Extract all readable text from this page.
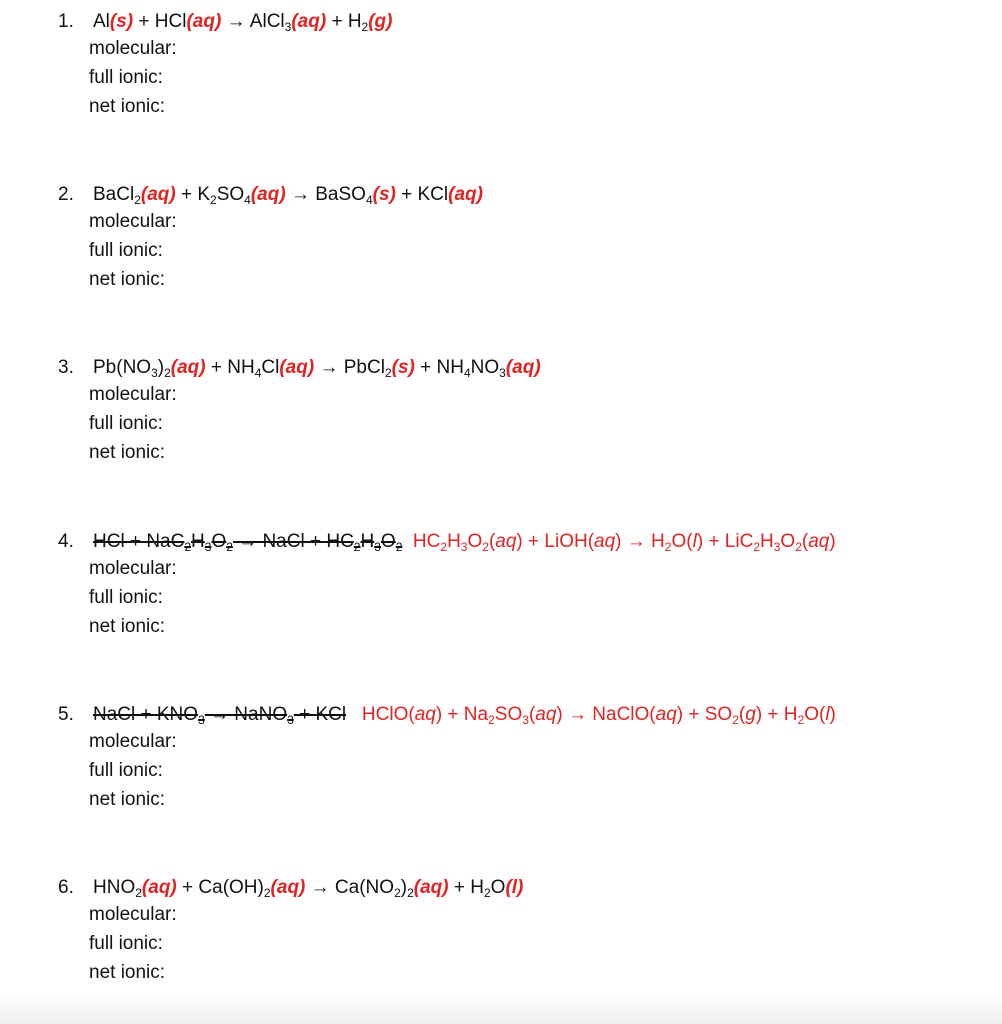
1. Al(s) + HCl(aq) → AlCl$_3$(aq) + $H_2(g)$
molecular:
full ionic:
net ionic:
2. BaCl$_2$(aq) + $K_2SO_4(aq)$ → BaSO$_4$(s) + KCl(aq)
molecular:
full ionic:
net ionic:
3. $Pb(NO_3)_2(aq) + NH_4Cl(aq)$ → PbCl$_2$(s) + $NH_4NO_3(aq)$
molecular:
full ionic:
net ionic:
4. HCl + $NaC_2H_3O_2$ → NaCl + $HC_2H_3O_2$  $HC_2H_3O_2(aq)$ + LiOH(aq) → $H_2O(l) + LiC_2H_3O_2(aq)$
molecular:
full ionic:
net ionic:
5. NaCl + $KNO_3$ → NaNO$_3$ + KCl   HClO(aq) + $Na_2SO_3(aq)$ → NaClO(aq) + $SO_2(g) + H_2O(l)$
molecular:
full ionic:
net ionic:
6. $HNO_2(aq) + Ca(OH)_2(aq) \to Ca(NO_2)_2(aq) + H_2O(l)$
molecular:
full ionic:
net ionic:
